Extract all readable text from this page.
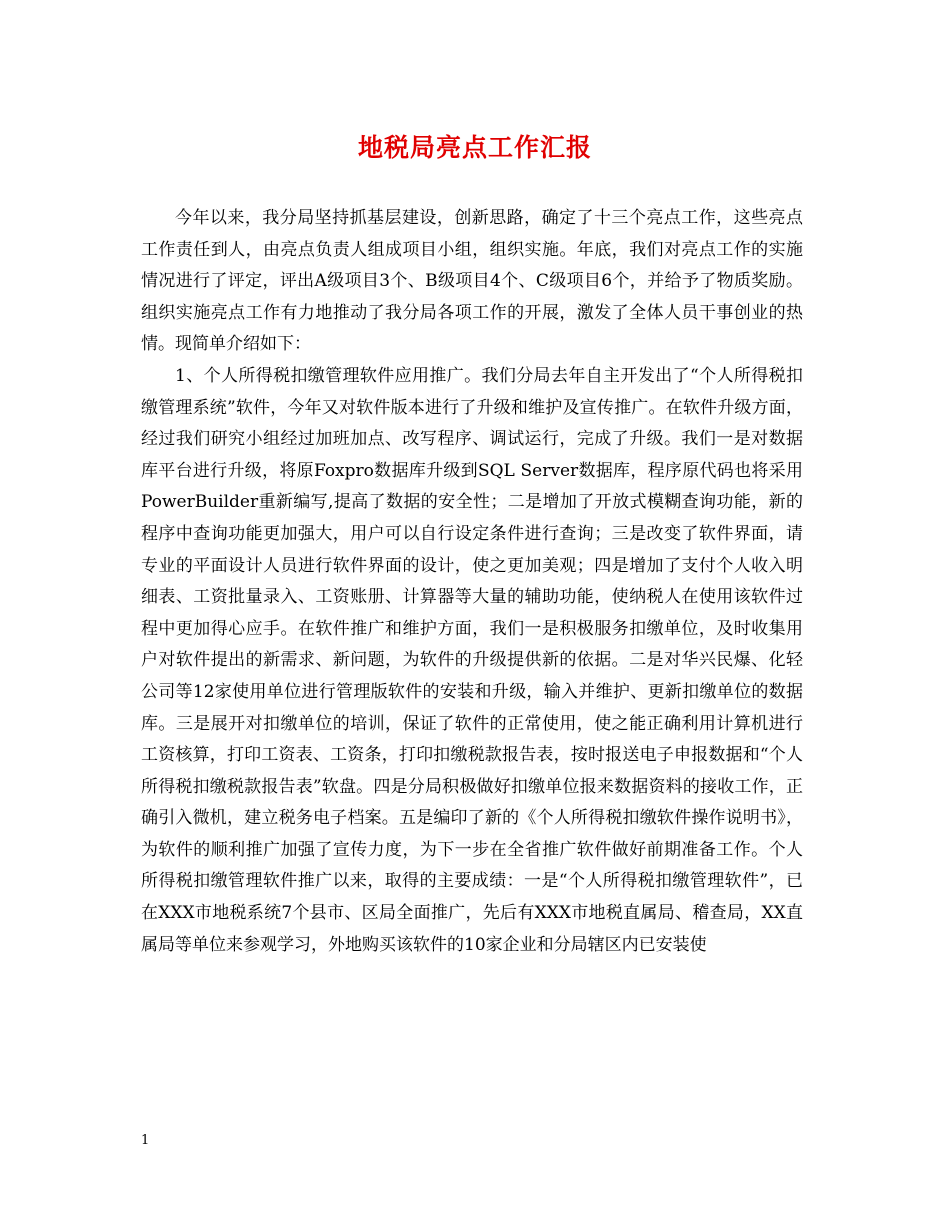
地税局亮点工作汇报

今年以来，我分局坚持抓基层建设，创新思路，确定了十三个亮点工作，这些亮点工作责任到人，由亮点负责人组成项目小组，组织实施。年底，我们对亮点工作的实施情况进行了评定，评出A级项目3个、B级项目4个、C级项目6个，并给予了物质奖励。组织实施亮点工作有力地推动了我分局各项工作的开展，激发了全体人员干事创业的热情。现简单介绍如下：

1、个人所得税扣缴管理软件应用推广。我们分局去年自主开发出了“个人所得税扣缴管理系统”软件，今年又对软件版本进行了升级和维护及宣传推广。在软件升级方面，经过我们研究小组经过加班加点、改写程序、调试运行，完成了升级。我们一是对数据库平台进行升级，将原Foxpro数据库升级到SQL Server数据库，程序原代码也将采用PowerBuilder重新编写,提高了数据的安全性；二是增加了开放式模糊查询功能，新的程序中查询功能更加强大，用户可以自行设定条件进行查询；三是改变了软件界面，请专业的平面设计人员进行软件界面的设计，使之更加美观；四是增加了支付个人收入明细表、工资批量录入、工资账册、计算器等大量的辅助功能，使纳税人在使用该软件过程中更加得心应手。在软件推广和维护方面，我们一是积极服务扣缴单位，及时收集用户对软件提出的新需求、新问题，为软件的升级提供新的依据。二是对华兴民爆、化轻公司等12家使用单位进行管理版软件的安装和升级，输入并维护、更新扣缴单位的数据库。三是展开对扣缴单位的培训，保证了软件的正常使用，使之能正确利用计算机进行工资核算，打印工资表、工资条，打印扣缴税款报告表，按时报送电子申报数据和“个人所得税扣缴税款报告表”软盘。四是分局积极做好扣缴单位报来数据资料的接收工作，正确引入微机，建立税务电子档案。五是编印了新的《个人所得税扣缴软件操作说明书》，为软件的顺利推广加强了宣传力度，为下一步在全省推广软件做好前期准备工作。个人所得税扣缴管理软件推广以来，取得的主要成绩：一是“个人所得税扣缴管理软件”，已在XXX市地税系统7个县市、区局全面推广，先后有XXX市地税直属局、稽查局，XX直属局等单位来参观学习，外地购买该软件的10家企业和分局辖区内已安装使

1
